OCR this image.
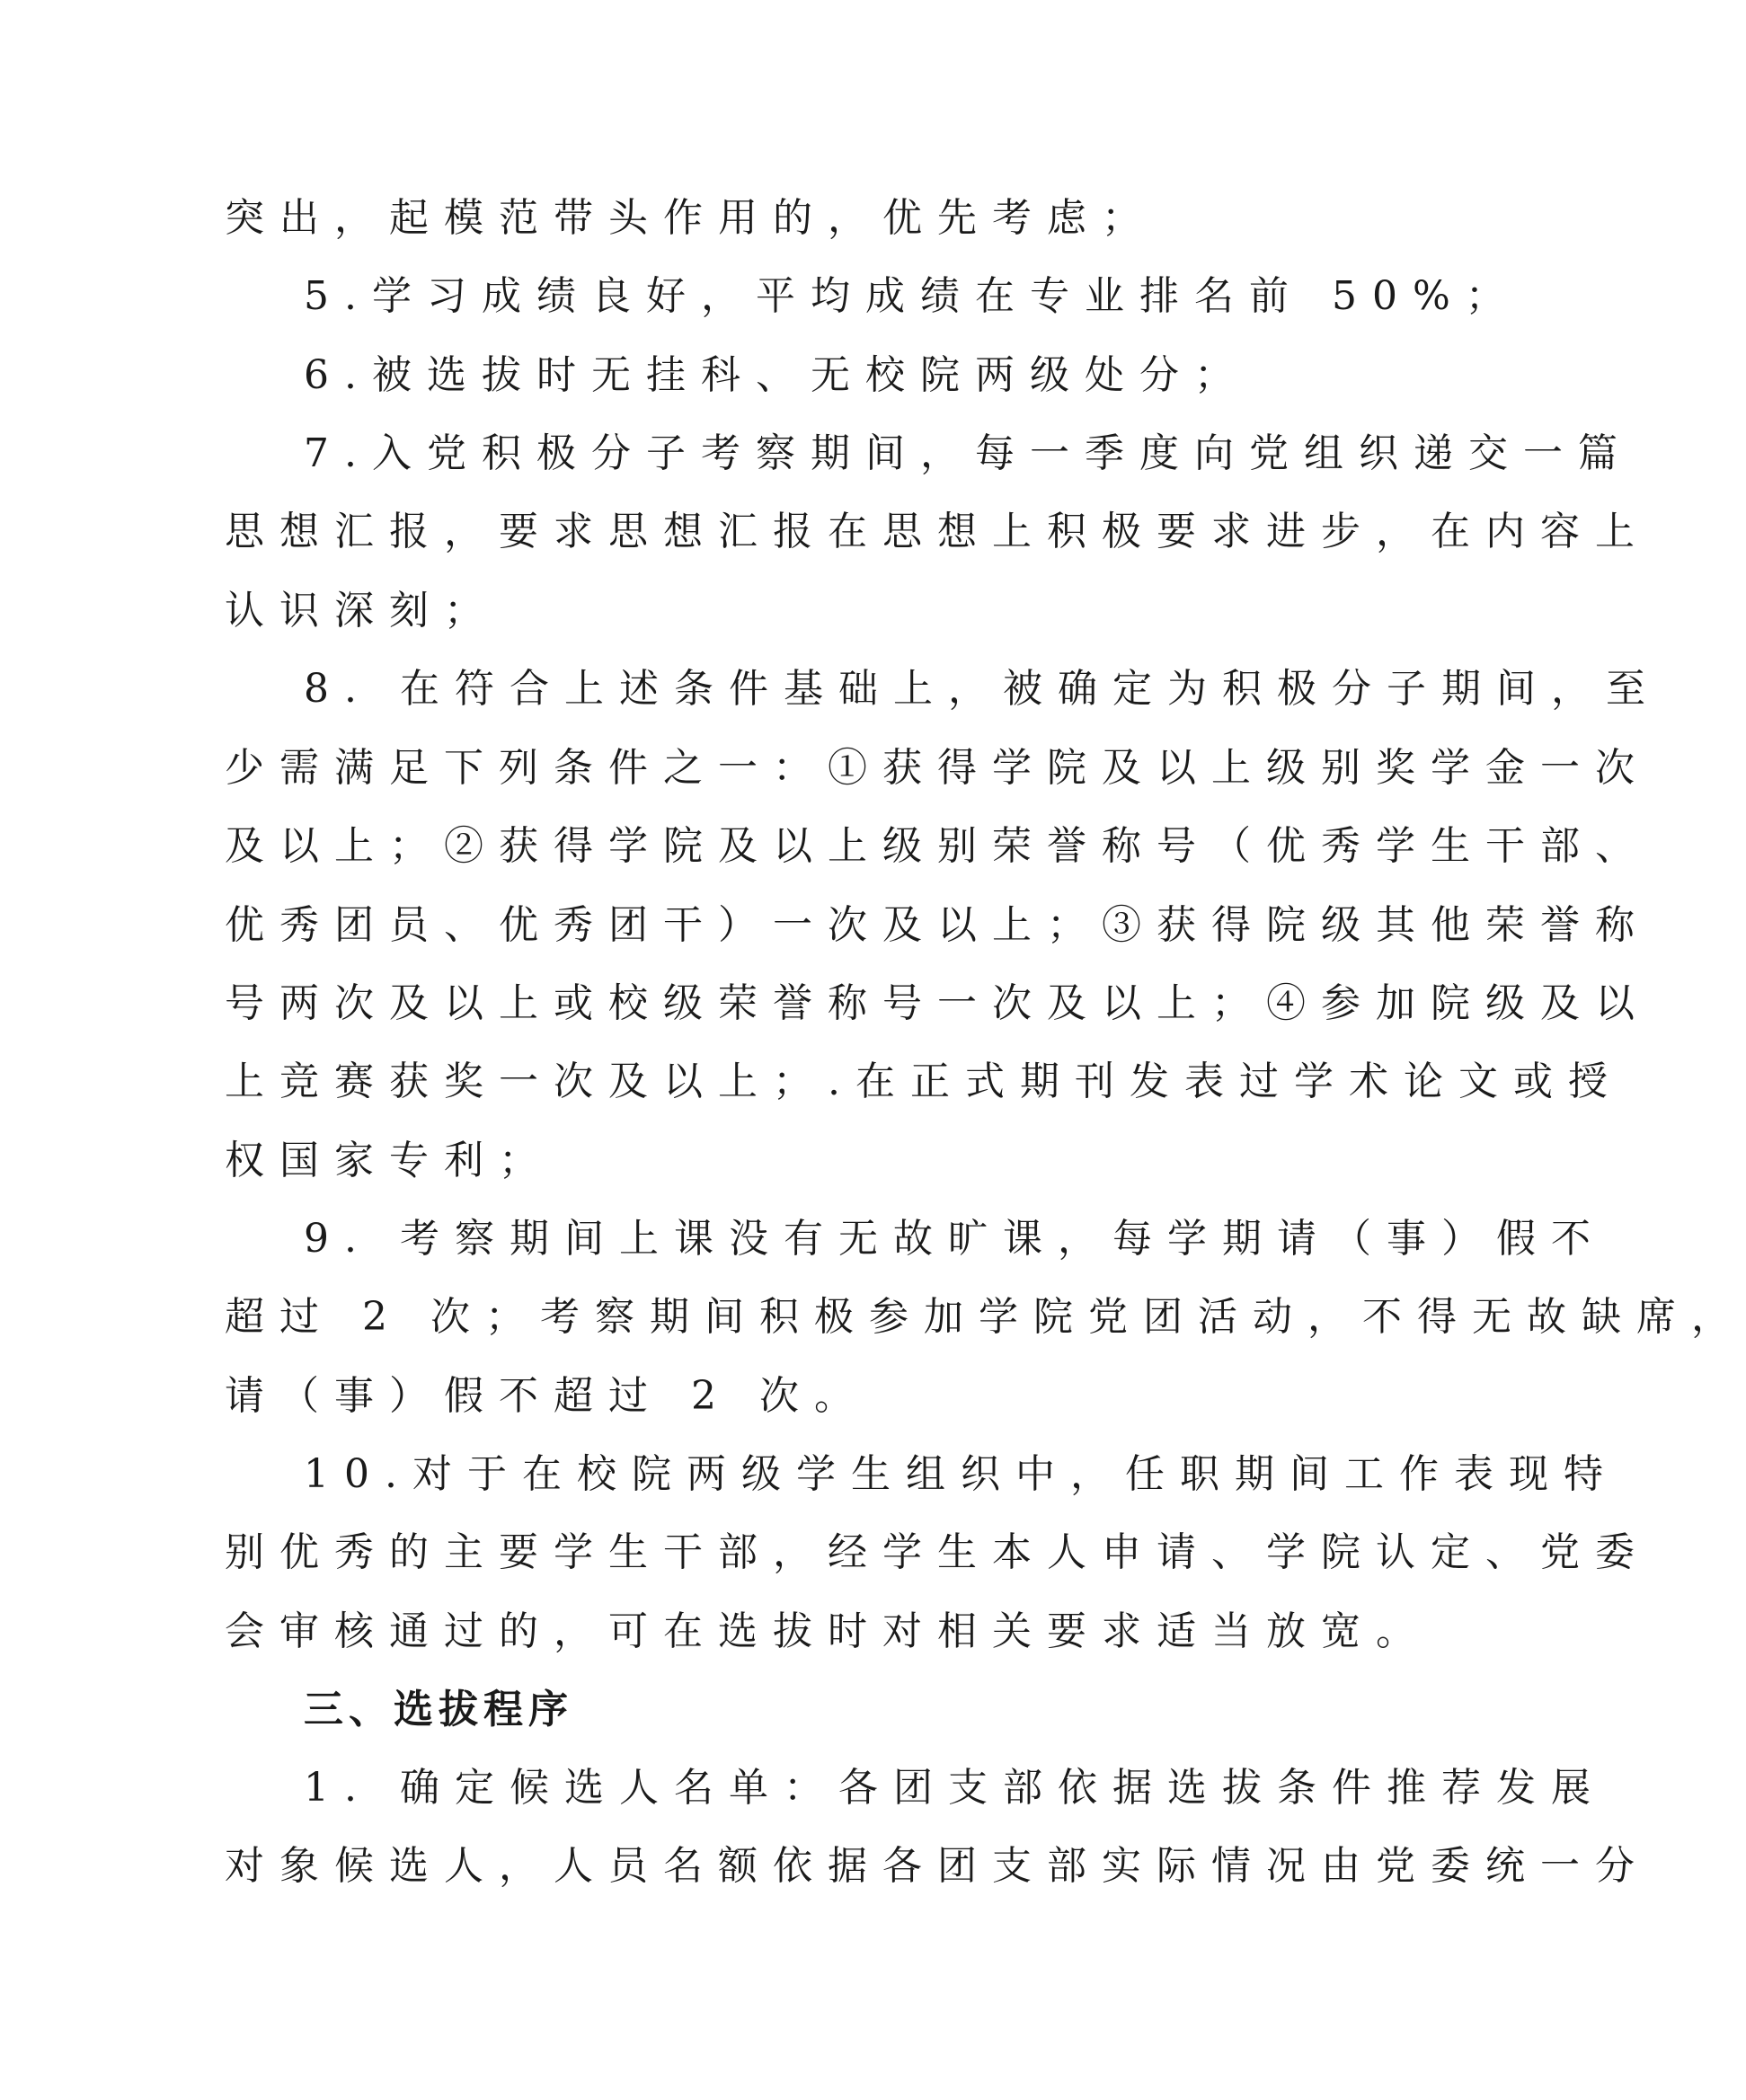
突出，起模范带头作用的，优先考虑；
5.学习成绩良好，平均成绩在专业排名前 50%；
6.被选拔时无挂科、无校院两级处分；
7.入党积极分子考察期间，每一季度向党组织递交一篇
思想汇报，要求思想汇报在思想上积极要求进步，在内容上
认识深刻；
8. 在符合上述条件基础上，被确定为积极分子期间，至
少需满足下列条件之一：①获得学院及以上级别奖学金一次
及以上；②获得学院及以上级别荣誉称号（优秀学生干部、
优秀团员、优秀团干）一次及以上；③获得院级其他荣誉称
号两次及以上或校级荣誉称号一次及以上；④参加院级及以
上竞赛获奖一次及以上；.在正式期刊发表过学术论文或授
权国家专利；
9. 考察期间上课没有无故旷课，每学期请（事）假不
超过 2 次；考察期间积极参加学院党团活动，不得无故缺席，
请（事）假不超过 2 次。
10.对于在校院两级学生组织中，任职期间工作表现特
别优秀的主要学生干部，经学生本人申请、学院认定、党委
会审核通过的，可在选拔时对相关要求适当放宽。
三、选拔程序
1. 确定候选人名单：各团支部依据选拔条件推荐发展
对象候选人，人员名额依据各团支部实际情况由党委统一分
